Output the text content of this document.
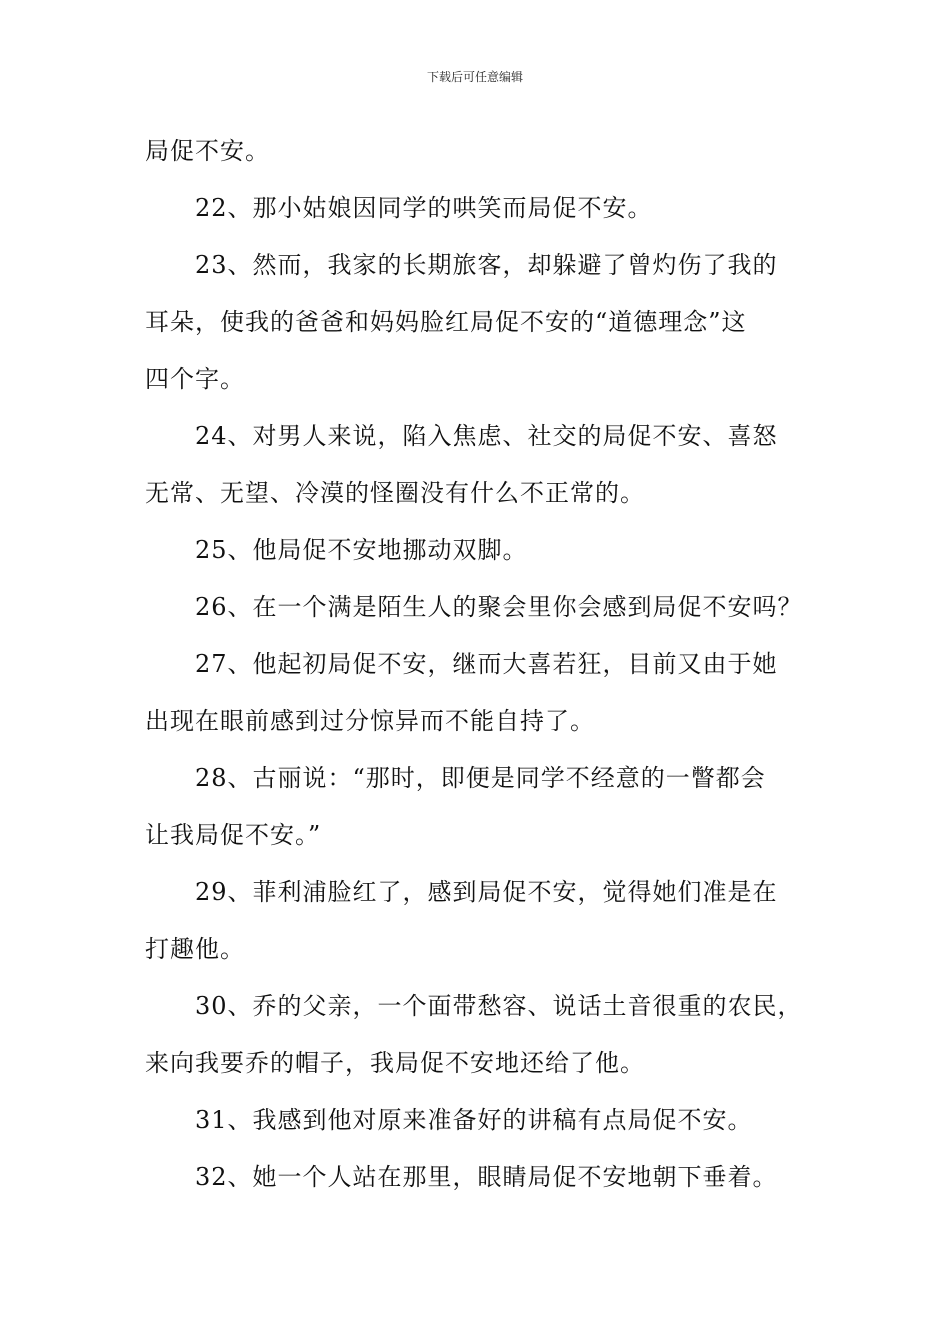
下载后可任意编辑
局促不安。
22、那小姑娘因同学的哄笑而局促不安。
23、然而，我家的长期旅客，却躲避了曾灼伤了我的
耳朵，使我的爸爸和妈妈脸红局促不安的“道德理念”这
四个字。
24、对男人来说，陷入焦虑、社交的局促不安、喜怒
无常、无望、冷漠的怪圈没有什么不正常的。
25、他局促不安地挪动双脚。
26、在一个满是陌生人的聚会里你会感到局促不安吗？
27、他起初局促不安，继而大喜若狂，目前又由于她
出现在眼前感到过分惊异而不能自持了。
28、古丽说：“那时，即便是同学不经意的一瞥都会
让我局促不安。”
29、菲利浦脸红了，感到局促不安，觉得她们准是在
打趣他。
30、乔的父亲，一个面带愁容、说话土音很重的农民，
来向我要乔的帽子，我局促不安地还给了他。
31、我感到他对原来准备好的讲稿有点局促不安。
32、她一个人站在那里，眼睛局促不安地朝下垂着。
